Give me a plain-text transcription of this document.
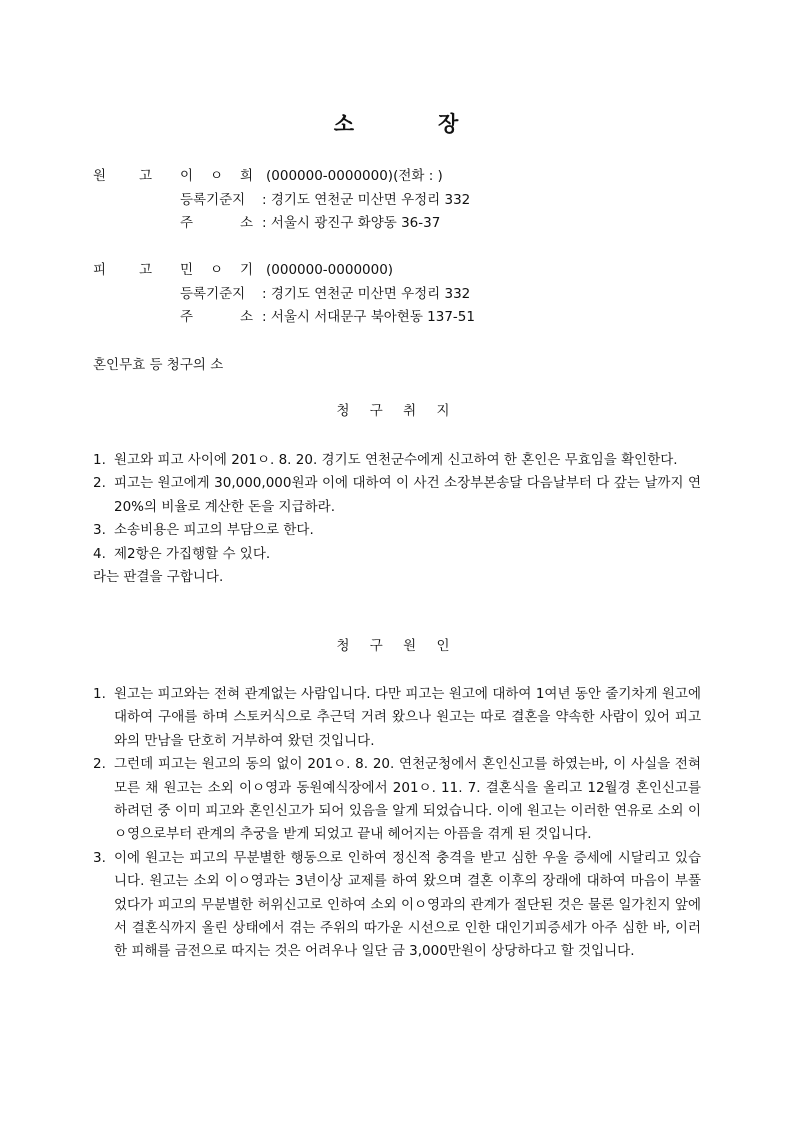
소	장
원 고	이 ㅇ 희 (000000-0000000)(전화 : )
등록기준지 : 경기도 연천군 미산면 우정리 332
주	소 : 서울시 광진구 화양동 36-37
피 고	민 ㅇ 기 (000000-0000000)
등록기준지 : 경기도 연천군 미산면 우정리 332
주	소 : 서울시 서대문구 북아현동 137-51
혼인무효 등 청구의 소
청 구 취 지
1. 원고와 피고 사이에 201ㅇ. 8. 20. 경기도 연천군수에게 신고하여 한 혼인은 무효임을 확인한다.
2. 피고는 원고에게 30,000,000원과 이에 대하여 이 사건 소장부본송달 다음날부터 다 갚는 날까지 연 20%의 비율로 계산한 돈을 지급하라.
3. 소송비용은 피고의 부담으로 한다.
4. 제2항은 가집행할 수 있다.
라는 판결을 구합니다.
청 구 원 인
1. 원고는 피고와는 전혀 관계없는 사람입니다. 다만 피고는 원고에 대하여 1여년 동안 줄기차게 원고에 대하여 구애를 하며 스토커식으로 추근덕 거려 왔으나 원고는 따로 결혼을 약속한 사람이 있어 피고와의 만남을 단호히 거부하여 왔던 것입니다.
2. 그런데 피고는 원고의 동의 없이 201ㅇ. 8. 20. 연천군청에서 혼인신고를 하였는바, 이 사실을 전혀 모른 채 원고는 소외 이ㅇ영과 동원예식장에서 201ㅇ. 11. 7. 결혼식을 올리고 12월경 혼인신고를 하려던 중 이미 피고와 혼인신고가 되어 있음을 알게 되었습니다. 이에 원고는 이러한 연유로 소외 이ㅇ영으로부터 관계의 추궁을 받게 되었고 끝내 헤어지는 아픔을 겪게 된 것입니다.
3. 이에 원고는 피고의 무분별한 행동으로 인하여 정신적 충격을 받고 심한 우울 증세에 시달리고 있습니다. 원고는 소외 이ㅇ영과는 3년이상 교제를 하여 왔으며 결혼 이후의 장래에 대하여 마음이 부풀었다가 피고의 무분별한 허위신고로 인하여 소외 이ㅇ영과의 관계가 절단된 것은 물론 일가친지 앞에서 결혼식까지 올린 상태에서 겪는 주위의 따가운 시선으로 인한 대인기피증세가 아주 심한 바, 이러한 피해를 금전으로 따지는 것은 어려우나 일단 금 3,000만원이 상당하다고 할 것입니다.
